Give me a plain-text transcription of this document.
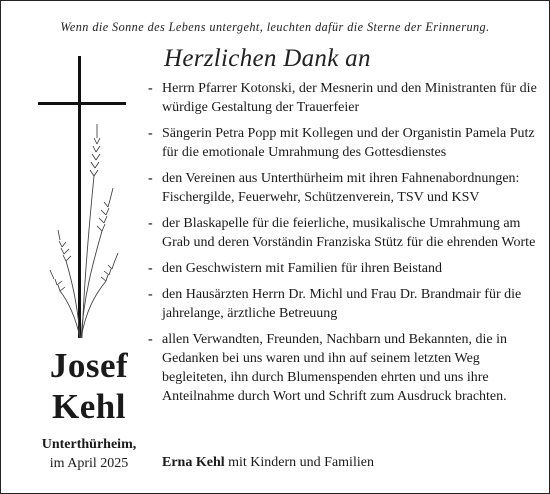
Wenn die Sonne des Lebens untergeht, leuchten dafür die Sterne der Erinnerung.
Herzlichen Dank an
Josef
Kehl
Unterthürheim,
im April 2025
- Herrn Pfarrer Kotonski, der Mesnerin und den Ministranten für die würdige Gestaltung der Trauerfeier
- Sängerin Petra Popp mit Kollegen und der Organistin Pamela Putz für die emotionale Umrahmung des Gottesdienstes
- den Vereinen aus Unterthürheim mit ihren Fahnenabordnungen: Fischergilde, Feuerwehr, Schützenverein, TSV und KSV
- der Blaskapelle für die feierliche, musikalische Umrahmung am Grab und deren Vorständin Franziska Stütz für die ehrenden Worte
- den Geschwistern mit Familien für ihren Beistand
- den Hausärzten Herrn Dr. Michl und Frau Dr. Brandmair für die jahrelange, ärztliche Betreuung
- allen Verwandten, Freunden, Nachbarn und Bekannten, die in Gedanken bei uns waren und ihn auf seinem letzten Weg begleiteten, ihn durch Blumenspenden ehrten und uns ihre Anteilnahme durch Wort und Schrift zum Ausdruck brachten.
Erna Kehl mit Kindern und Familien
